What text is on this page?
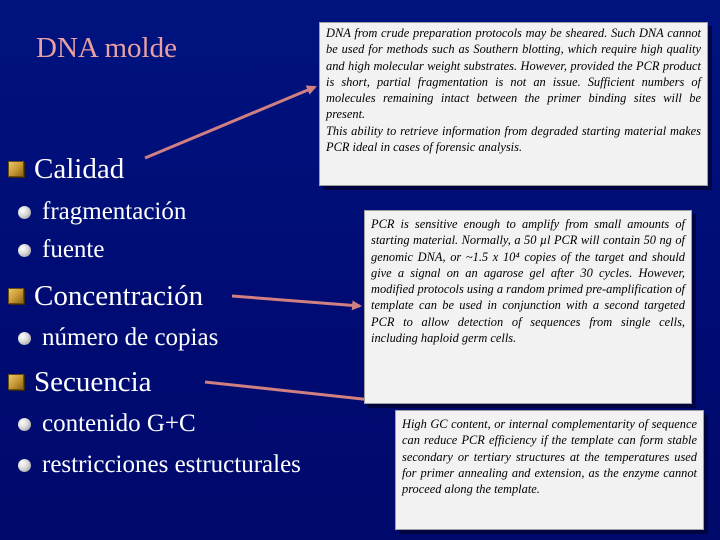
DNA molde
Calidad
fragmentación
fuente
Concentración
número de copias
Secuencia
contenido G+C
restricciones estructurales

DNA from crude preparation protocols may be sheared. Such DNA cannot be used for methods such as Southern blotting, which require high quality and high molecular weight substrates. However, provided the PCR product is short, partial fragmentation is not an issue. Sufficient numbers of molecules remaining intact between the primer binding sites will be present.

This ability to retrieve information from degraded starting material makes PCR ideal in cases of forensic analysis.

PCR is sensitive enough to amplify from small amounts of starting material. Normally, a 50 µl PCR will contain 50 ng of genomic DNA, or ~1.5 x 10⁴ copies of the target and should give a signal on an agarose gel after 30 cycles. However, modified protocols using a random primed pre-amplification of template can be used in conjunction with a second targeted PCR to allow detection of sequences from single cells, including haploid germ cells.

High GC content, or internal complementarity of sequence can reduce PCR efficiency if the template can form stable secondary or tertiary structures at the temperatures used for primer annealing and extension, as the enzyme cannot proceed along the template.
